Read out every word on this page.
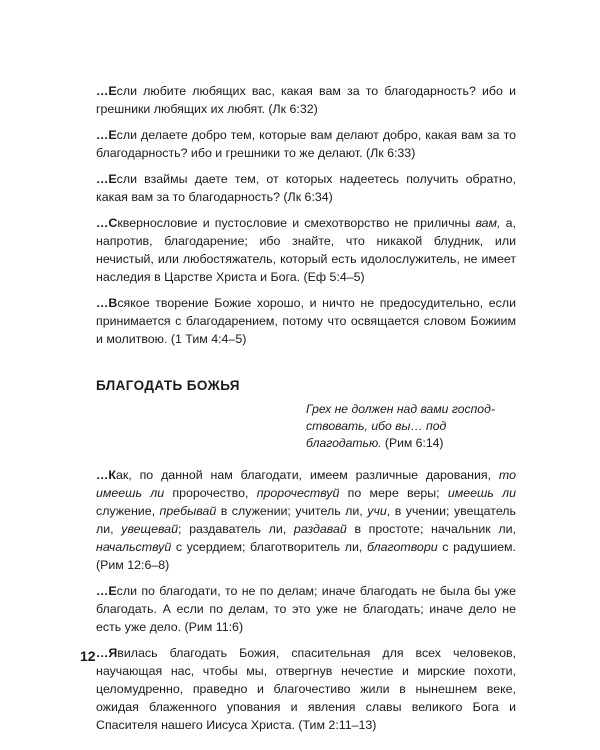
…Если любите любящих вас, какая вам за то благодарность? ибо и грешники любящих их любят. (Лк 6:32)

…Если делаете добро тем, которые вам делают добро, какая вам за то благодарность? ибо и грешники то же делают. (Лк 6:33)

…Если взаймы даете тем, от которых надеетесь получить обратно, какая вам за то благодарность? (Лк 6:34)

…Сквернословие и пустословие и смехотворство не приличны вам, а, напротив, благодарение; ибо знайте, что никакой блудник, или нечистый, или любостяжатель, который есть идолослужитель, не имеет наследия в Царстве Христа и Бога. (Еф 5:4–5)

…Всякое творение Божие хорошо, и ничто не предосудительно, если принимается с благодарением, потому что освящается словом Божиим и молитвою. (1 Тим 4:4–5)

БЛАГОДАТЬ БОЖЬЯ
Грех не должен над вами господствовать, ибо вы… под благодатью. (Рим 6:14)

…Как, по данной нам благодати, имеем различные дарования, то имеешь ли пророчество, пророчествуй по мере веры; имеешь ли служение, пребывай в служении; учитель ли, учи, в учении; увещатель ли, увещевай; раздаватель ли, раздавай в простоте; начальник ли, начальствуй с усердием; благотворитель ли, благотвори с радушием. (Рим 12:6–8)

…Если по благодати, то не по делам; иначе благодать не была бы уже благодать. А если по делам, то это уже не благодать; иначе дело не есть уже дело. (Рим 11:6)

…Явилась благодать Божия, спасительная для всех человеков, научающая нас, чтобы мы, отвергнув нечестие и мирские похоти, целомудренно, праведно и благочестиво жили в нынешнем веке, ожидая блаженного упования и явления славы великого Бога и Спасителя нашего Иисуса Христа. (Тим 2:11–13)

12
